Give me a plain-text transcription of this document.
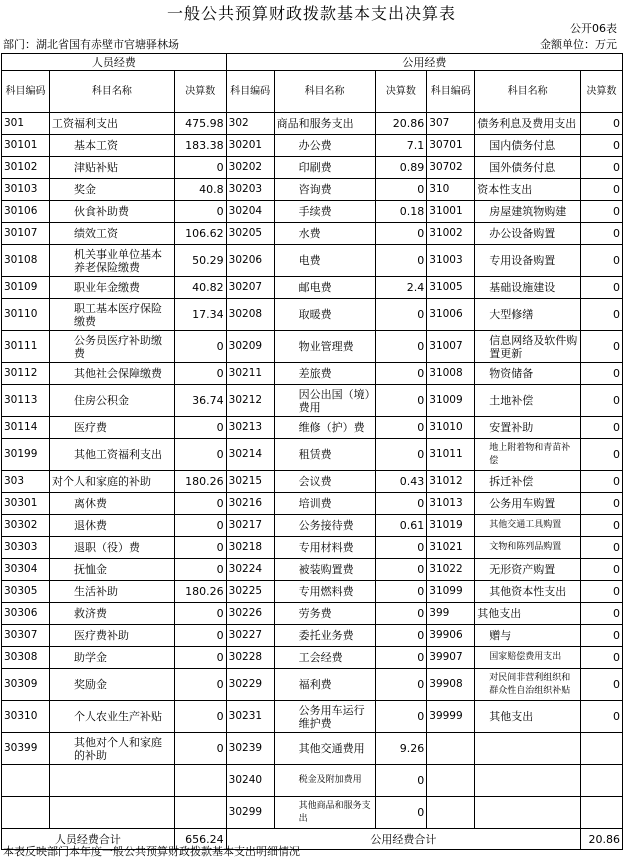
一般公共预算财政拨款基本支出决算表
公开06表
部门：湖北省国有赤壁市官塘驿林场	金额单位：万元
人员经费			公用经费					
科目编码	科目名称	决算数	科目编码	科目名称	决算数	科目编码	科目名称	决算数
301	工资福利支出	475.98	302	商品和服务支出	20.86	307	债务利息及费用支出	0
30101	基本工资	183.38	30201	办公费	7.1	30701	国内债务付息	0
30102	津贴补贴	0	30202	印刷费	0.89	30702	国外债务付息	0
30103	奖金	40.8	30203	咨询费	0	310	资本性支出	0
30106	伙食补助费	0	30204	手续费	0.18	31001	房屋建筑物购建	0
30107	绩效工资	106.62	30205	水费	0	31002	办公设备购置	0
30108	机关事业单位基本养老保险缴费	50.29	30206	电费	0	31003	专用设备购置	0
30109	职业年金缴费	40.82	30207	邮电费	2.4	31005	基础设施建设	0
30110	职工基本医疗保险缴费	17.34	30208	取暖费	0	31006	大型修缮	0
30111	公务员医疗补助缴费	0	30209	物业管理费	0	31007	信息网络及软件购置更新	0
30112	其他社会保障缴费	0	30211	差旅费	0	31008	物资储备	0
30113	住房公积金	36.74	30212	因公出国（境）费用	0	31009	土地补偿	0
30114	医疗费	0	30213	维修（护）费	0	31010	安置补助	0
30199	其他工资福利支出	0	30214	租赁费	0	31011	地上附着物和青苗补偿	0
303	对个人和家庭的补助	180.26	30215	会议费	0.43	31012	拆迁补偿	0
30301	离休费	0	30216	培训费	0	31013	公务用车购置	0
30302	退休费	0	30217	公务接待费	0.61	31019	其他交通工具购置	0
30303	退职（役）费	0	30218	专用材料费	0	31021	文物和陈列品购置	0
30304	抚恤金	0	30224	被装购置费	0	31022	无形资产购置	0
30305	生活补助	180.26	30225	专用燃料费	0	31099	其他资本性支出	0
30306	救济费	0	30226	劳务费	0	399	其他支出	0
30307	医疗费补助	0	30227	委托业务费	0	39906	赠与	0
30308	助学金	0	30228	工会经费	0	39907	国家赔偿费用支出	0
30309	奖励金	0	30229	福利费	0	39908	对民间非营利组织和群众性自治组织补贴	0
30310	个人农业生产补贴	0	30231	公务用车运行维护费	0	39999	其他支出	0
30399	其他对个人和家庭的补助	0	30239	其他交通费用	9.26			
			30240	税金及附加费用	0			
			30299	其他商品和服务支出	0			
人员经费合计		656.24	公用经费合计					20.86
本表反映部门本年度一般公共预算财政拨款基本支出明细情况
